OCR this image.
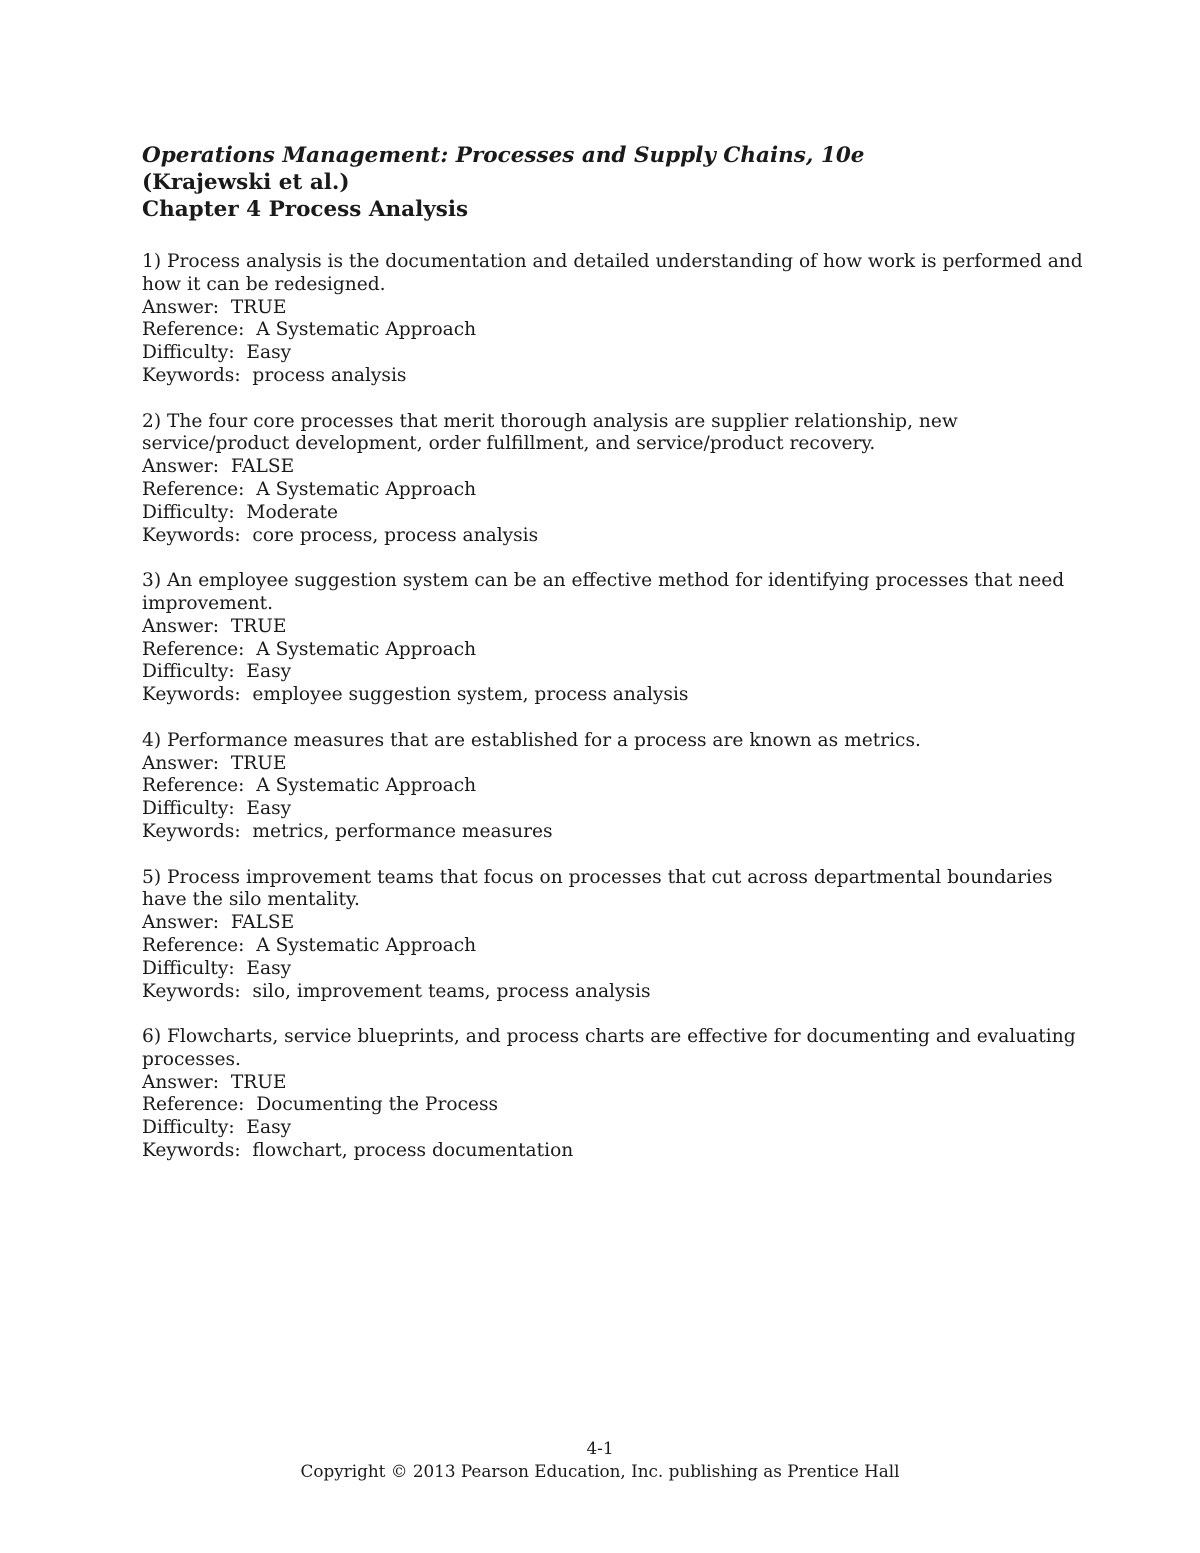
Operations Management: Processes and Supply Chains, 10e
(Krajewski et al.)
Chapter 4 Process Analysis
1) Process analysis is the documentation and detailed understanding of how work is performed and how it can be redesigned.
Answer:  TRUE
Reference:  A Systematic Approach
Difficulty:  Easy
Keywords:  process analysis
2) The four core processes that merit thorough analysis are supplier relationship, new service/product development, order fulfillment, and service/product recovery.
Answer:  FALSE
Reference:  A Systematic Approach
Difficulty:  Moderate
Keywords:  core process, process analysis
3) An employee suggestion system can be an effective method for identifying processes that need improvement.
Answer:  TRUE
Reference:  A Systematic Approach
Difficulty:  Easy
Keywords:  employee suggestion system, process analysis
4) Performance measures that are established for a process are known as metrics.
Answer:  TRUE
Reference:  A Systematic Approach
Difficulty:  Easy
Keywords:  metrics, performance measures
5) Process improvement teams that focus on processes that cut across departmental boundaries have the silo mentality.
Answer:  FALSE
Reference:  A Systematic Approach
Difficulty:  Easy
Keywords:  silo, improvement teams, process analysis
6) Flowcharts, service blueprints, and process charts are effective for documenting and evaluating processes.
Answer:  TRUE
Reference:  Documenting the Process
Difficulty:  Easy
Keywords:  flowchart, process documentation
4-1
Copyright © 2013 Pearson Education, Inc. publishing as Prentice Hall
